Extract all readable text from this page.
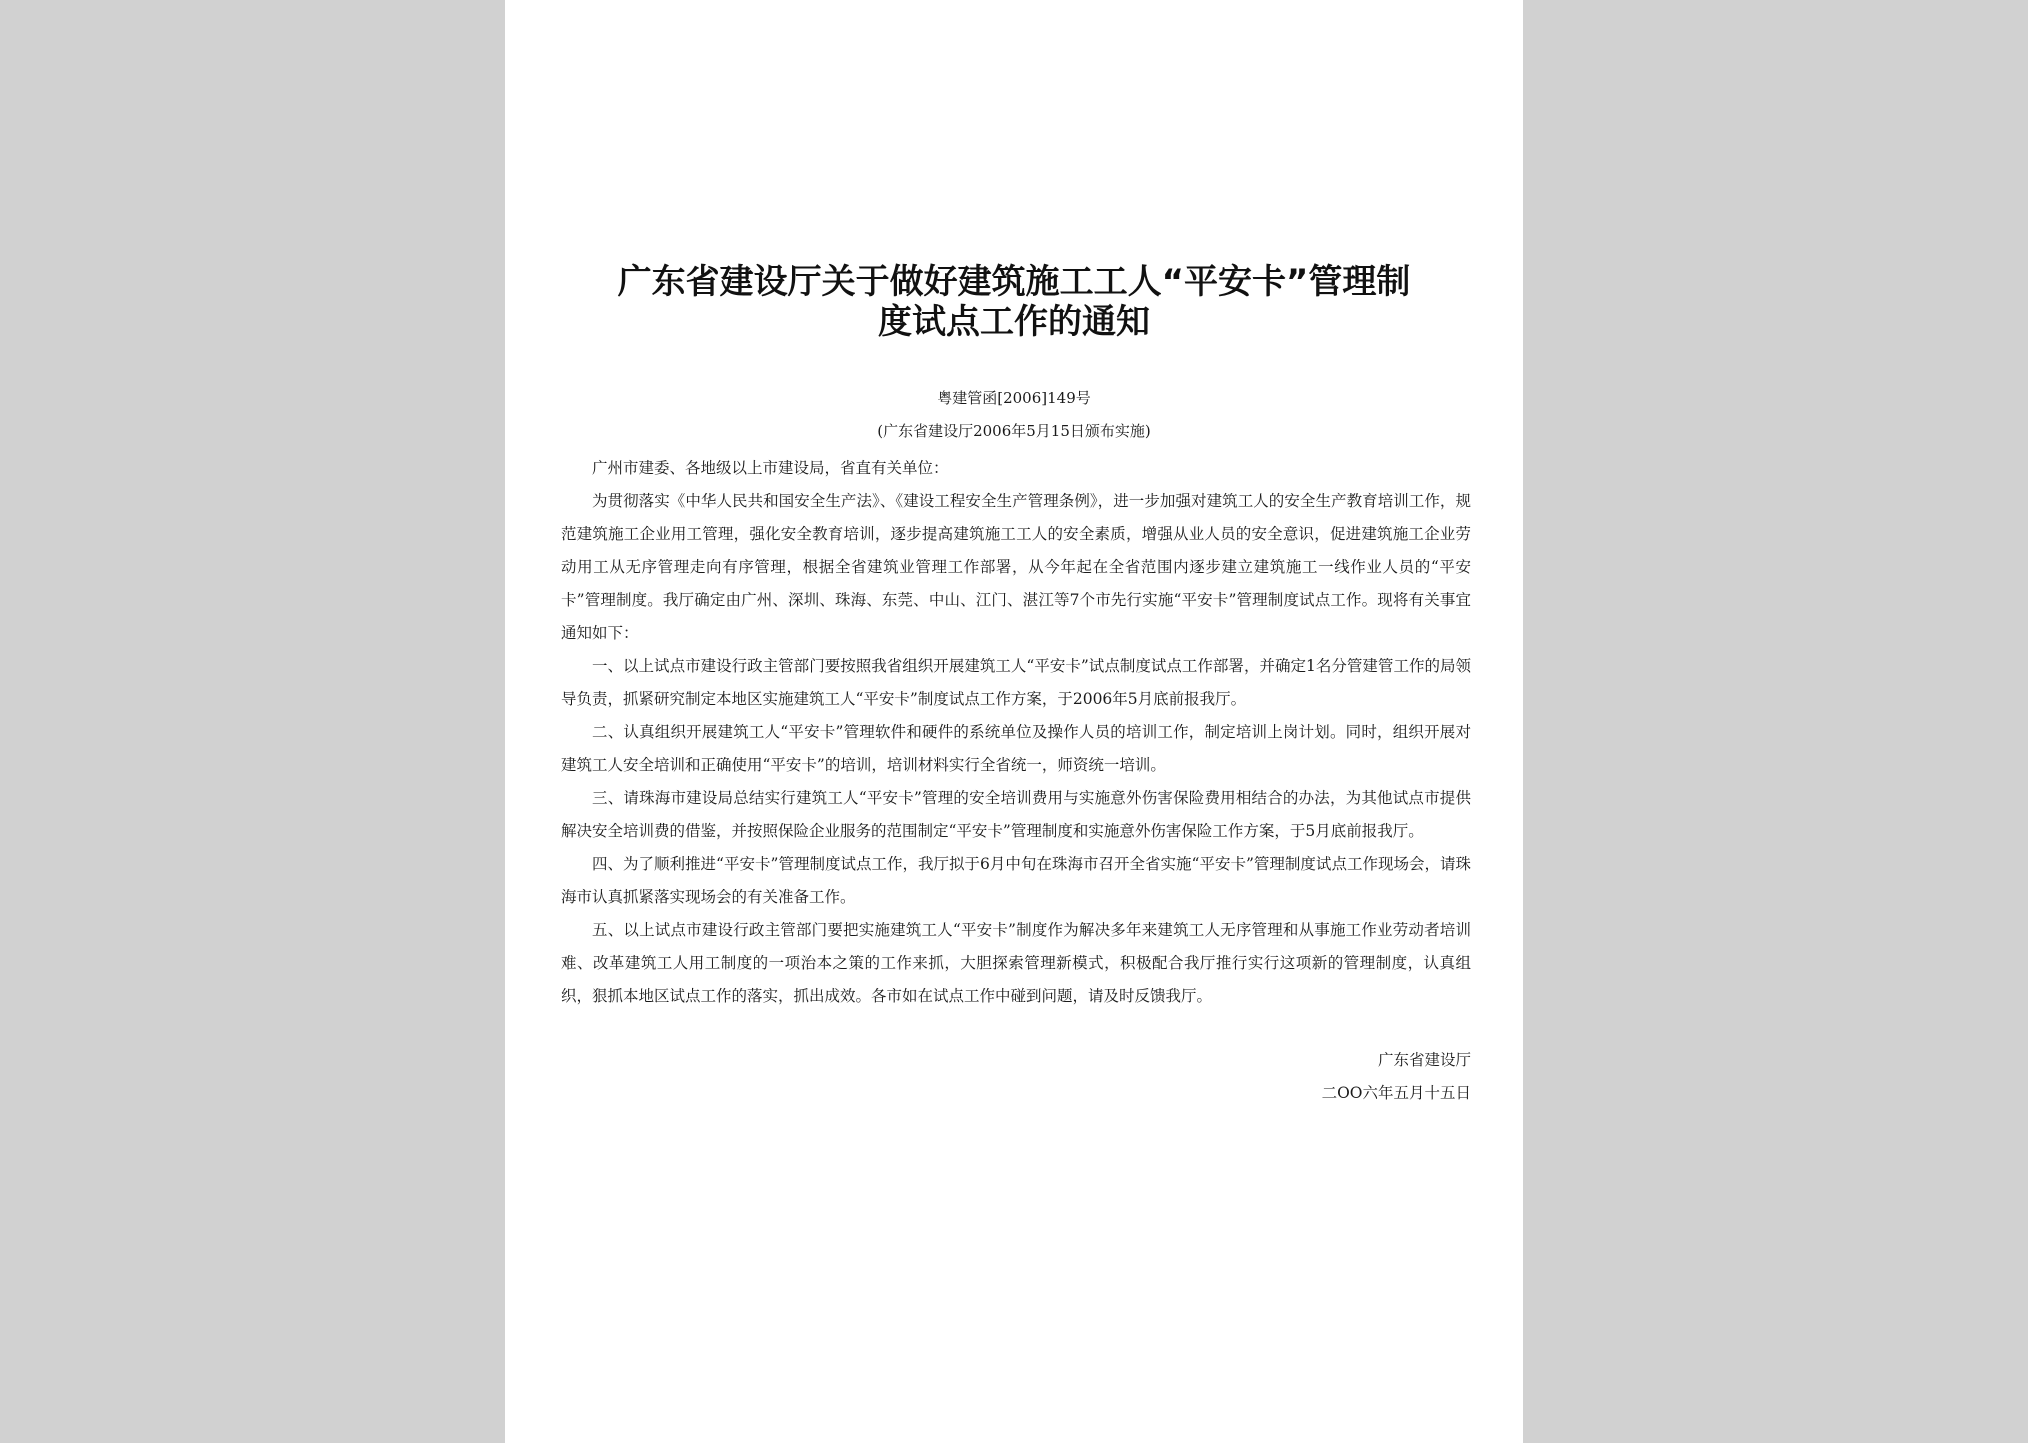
广东省建设厅关于做好建筑施工工人“平安卡”管理制
度试点工作的通知
粤建管函[2006]149号
(广东省建设厅2006年5月15日颁布实施)

广州市建委、各地级以上市建设局，省直有关单位：

为贯彻落实《中华人民共和国安全生产法》、《建设工程安全生产管理条例》，进一步加强对建筑工人的安全生产教育培训工作，规范建筑施工企业用工管理，强化安全教育培训，逐步提高建筑施工工人的安全素质，增强从业人员的安全意识，促进建筑施工企业劳动用工从无序管理走向有序管理，根据全省建筑业管理工作部署，从今年起在全省范围内逐步建立建筑施工一线作业人员的“平安卡”管理制度。我厅确定由广州、深圳、珠海、东莞、中山、江门、湛江等7个市先行实施“平安卡”管理制度试点工作。现将有关事宜通知如下：

一、以上试点市建设行政主管部门要按照我省组织开展建筑工人“平安卡”试点制度试点工作部署，并确定1名分管建管工作的局领导负责，抓紧研究制定本地区实施建筑工人“平安卡”制度试点工作方案，于2006年5月底前报我厅。

二、认真组织开展建筑工人“平安卡”管理软件和硬件的系统单位及操作人员的培训工作，制定培训上岗计划。同时，组织开展对建筑工人安全培训和正确使用“平安卡”的培训，培训材料实行全省统一，师资统一培训。

三、请珠海市建设局总结实行建筑工人“平安卡”管理的安全培训费用与实施意外伤害保险费用相结合的办法，为其他试点市提供解决安全培训费的借鉴，并按照保险企业服务的范围制定“平安卡”管理制度和实施意外伤害保险工作方案，于5月底前报我厅。

四、为了顺利推进“平安卡”管理制度试点工作，我厅拟于6月中旬在珠海市召开全省实施“平安卡”管理制度试点工作现场会，请珠海市认真抓紧落实现场会的有关准备工作。

五、以上试点市建设行政主管部门要把实施建筑工人“平安卡”制度作为解决多年来建筑工人无序管理和从事施工作业劳动者培训难、改革建筑工人用工制度的一项治本之策的工作来抓，大胆探索管理新模式，积极配合我厅推行实行这项新的管理制度，认真组织，狠抓本地区试点工作的落实，抓出成效。各市如在试点工作中碰到问题，请及时反馈我厅。

广东省建设厅
二OO六年五月十五日
